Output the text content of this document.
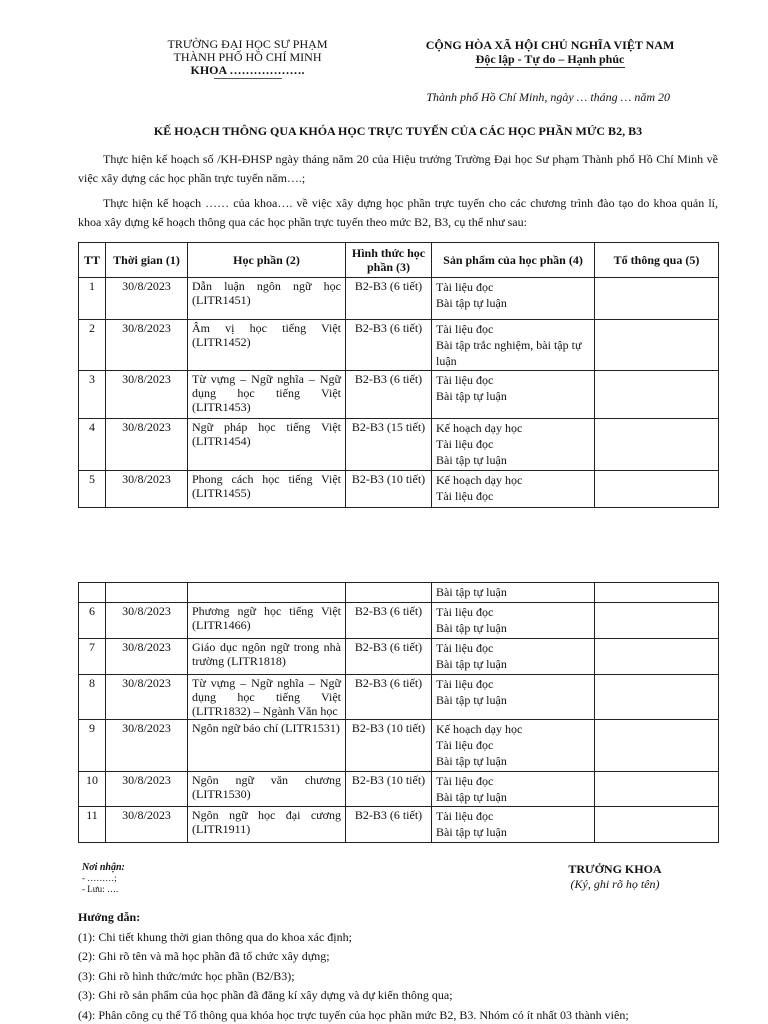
TRƯỜNG ĐẠI HỌC SƯ PHẠM
THÀNH PHỐ HỒ CHÍ MINH
KHOA ……………….
CỘNG HÒA XÃ HỘI CHỦ NGHĨA VIỆT NAM
Độc lập - Tự do – Hạnh phúc
Thành phố Hồ Chí Minh, ngày … tháng … năm 20
KẾ HOẠCH THÔNG QUA KHÓA HỌC TRỰC TUYẾN CỦA CÁC HỌC PHẦN MỨC B2, B3
Thực hiện kế hoạch số /KH-ĐHSP ngày tháng năm 20 của Hiệu trưởng Trường Đại học Sư phạm Thành phố Hồ Chí Minh về việc xây dựng các học phần trực tuyến năm….;
Thực hiện kế hoạch …… của khoa…. về việc xây dựng học phần trực tuyến cho các chương trình đào tạo do khoa quản lí, khoa xây dựng kế hoạch thông qua các học phần trực tuyến theo mức B2, B3, cụ thể như sau:
TT	Thời gian (1)	Học phần (2)	Hình thức học phần (3)	Sản phẩm của học phần (4)	Tổ thông qua (5)
1	30/8/2023	Dẫn luận ngôn ngữ học (LITR1451)	B2-B3 (6 tiết)	Tài liệu đọc
Bài tập tự luận	

2	30/8/2023	Âm vị học tiếng Việt (LITR1452)	B2-B3 (6 tiết)	Tài liệu đọc
Bài tập trắc nghiệm, bài tập tự luận	

3	30/8/2023	Từ vựng – Ngữ nghĩa – Ngữ dụng học tiếng Việt (LITR1453)	B2-B3 (6 tiết)	Tài liệu đọc
Bài tập tự luận	

4	30/8/2023	Ngữ pháp học tiếng Việt (LITR1454)	B2-B3 (15 tiết)	Kế hoạch dạy học
Tài liệu đọc
Bài tập tự luận	

5	30/8/2023	Phong cách học tiếng Việt (LITR1455)	B2-B3 (10 tiết)	Kế hoạch dạy học
Tài liệu đọc	

				Bài tập tự luận	

6	30/8/2023	Phương ngữ học tiếng Việt (LITR1466)	B2-B3 (6 tiết)	Tài liệu đọc
Bài tập tự luận	

7	30/8/2023	Giáo dục ngôn ngữ trong nhà trường (LITR1818)	B2-B3 (6 tiết)	Tài liệu đọc
Bài tập tự luận	

8	30/8/2023	Từ vựng – Ngữ nghĩa – Ngữ dụng học tiếng Việt (LITR1832) – Ngành Văn học	B2-B3 (6 tiết)	Tài liệu đọc
Bài tập tự luận	

9	30/8/2023	Ngôn ngữ báo chí (LITR1531)	B2-B3 (10 tiết)	Kế hoạch dạy học
Tài liệu đọc
Bài tập tự luận	

10	30/8/2023	Ngôn ngữ văn chương (LITR1530)	B2-B3 (10 tiết)	Tài liệu đọc
Bài tập tự luận	

11	30/8/2023	Ngôn ngữ học đại cương (LITR1911)	B2-B3 (6 tiết)	Tài liệu đọc
Bài tập tự luận	

Nơi nhận:
- ………;
- Lưu: ….
TRƯỞNG KHOA
(Ký, ghi rõ họ tên)
Hướng dẫn:
(1): Chi tiết khung thời gian thông qua do khoa xác định;
(2): Ghi rõ tên và mã học phần đã tổ chức xây dựng;
(3): Ghi rõ hình thức/mức học phần (B2/B3);
(3): Ghi rõ sản phẩm của học phần đã đăng kí xây dựng và dự kiến thông qua;
(4): Phân công cụ thể Tổ thông qua khóa học trực tuyến của học phần mức B2, B3. Nhóm có ít nhất 03 thành viên;
